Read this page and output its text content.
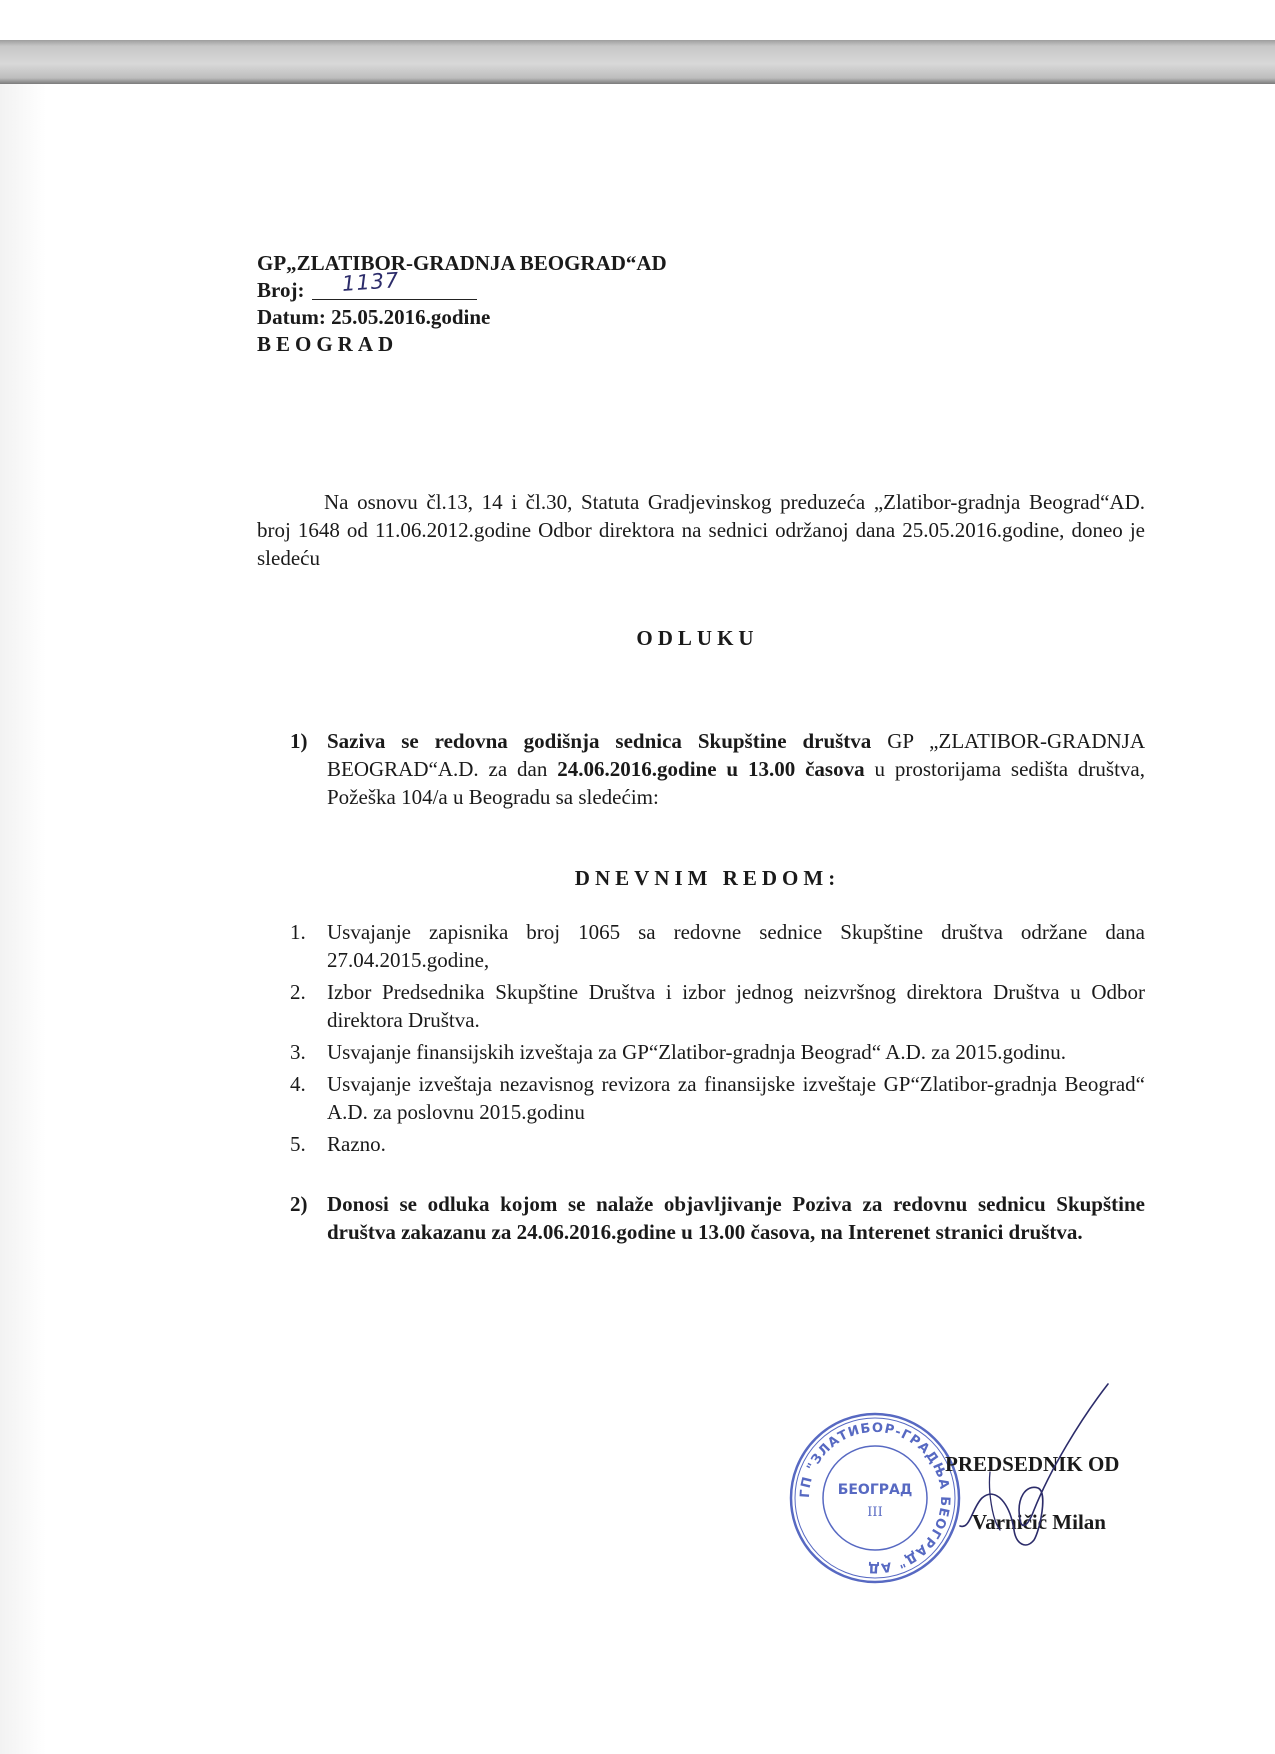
GP„ZLATIBOR-GRADNJA BEOGRAD“AD
Broj: 1137
Datum: 25.05.2016.godine
BEOGRAD

Na osnovu čl.13, 14 i čl.30, Statuta Gradjevinskog preduzeća „Zlatibor-gradnja Beograd“AD. broj 1648 od 11.06.2012.godine Odbor direktora na sednici održanoj dana 25.05.2016.godine, doneo je sledeću

ODLUKU
1) Saziva se redovna godišnja sednica Skupštine društva GP „ZLATIBOR-GRADNJA BEOGRAD“A.D. za dan 24.06.2016.godine u 13.00 časova u prostorijama sedišta društva, Požeška 104/a u Beogradu sa sledećim:
DNEVNIM REDOM:
1. Usvajanje zapisnika broj 1065 sa redovne sednice Skupštine društva održane dana 27.04.2015.godine,
2. Izbor Predsednika Skupštine Društva i izbor jednog neizvršnog direktora Društva u Odbor direktora Društva.
3. Usvajanje finansijskih izveštaja za GP“Zlatibor-gradnja Beograd“ A.D. za 2015.godinu.
4. Usvajanje izveštaja nezavisnog revizora za finansijske izveštaje GP“Zlatibor-gradnja Beograd“ A.D. za poslovnu 2015.godinu
5. Razno.
2) Donosi se odluka kojom se nalaže objavljivanje Poziva za redovnu sednicu Skupštine društva zakazanu za 24.06.2016.godine u 13.00 časova, na Interenet stranici društva.
ГП "ЗЛАТИБОР-ГРАДЊА БЕОГРАД" АД
БЕОГРАД
III
PREDSEDNIK OD
Varničić Milan
